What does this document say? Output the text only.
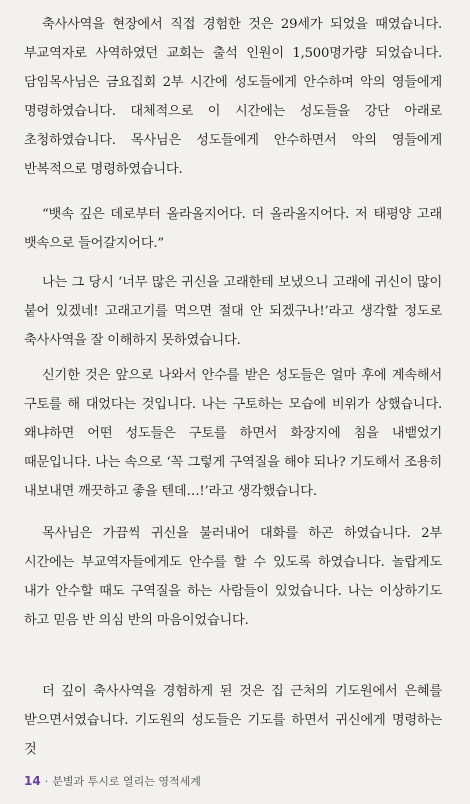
축사사역을 현장에서 직접 경험한 것은 29세가 되었을 때였습니다. 부교역자로 사역하였던 교회는 출석 인원이 1,500명가량 되었습니다. 담임목사님은 금요집회 2부 시간에 성도들에게 안수하며 악의 영들에게 명령하였습니다. 대체적으로 이 시간에는 성도들을 강단 아래로 초청하였습니다. 목사님은 성도들에게 안수하면서 악의 영들에게 반복적으로 명령하였습니다.

“뱃속 깊은 데로부터 올라올지어다. 더 올라올지어다. 저 태평양 고래 뱃속으로 들어갈지어다.”

나는 그 당시 ‘너무 많은 귀신을 고래한테 보냈으니 고래에 귀신이 많이 붙어 있겠네! 고래고기를 먹으면 절대 안 되겠구나!’라고 생각할 정도로 축사사역을 잘 이해하지 못하였습니다.

신기한 것은 앞으로 나와서 안수를 받은 성도들은 얼마 후에 계속해서 구토를 해 대었다는 것입니다. 나는 구토하는 모습에 비위가 상했습니다. 왜냐하면 어떤 성도들은 구토를 하면서 화장지에 침을 내뱉었기 때문입니다. 나는 속으로 ‘꼭 그렇게 구역질을 해야 되나? 기도해서 조용히 내보내면 깨끗하고 좋을 텐데…!’라고 생각했습니다.

목사님은 가끔씩 귀신을 불러내어 대화를 하곤 하였습니다. 2부 시간에는 부교역자들에게도 안수를 할 수 있도록 하였습니다. 놀랍게도 내가 안수할 때도 구역질을 하는 사람들이 있었습니다. 나는 이상하기도 하고 믿음 반 의심 반의 마음이었습니다.

더 깊이 축사사역을 경험하게 된 것은 집 근처의 기도원에서 은혜를 받으면서였습니다. 기도원의 성도들은 기도를 하면서 귀신에게 명령하는 것

14 · 분별과 투시로 열리는 영적세계
